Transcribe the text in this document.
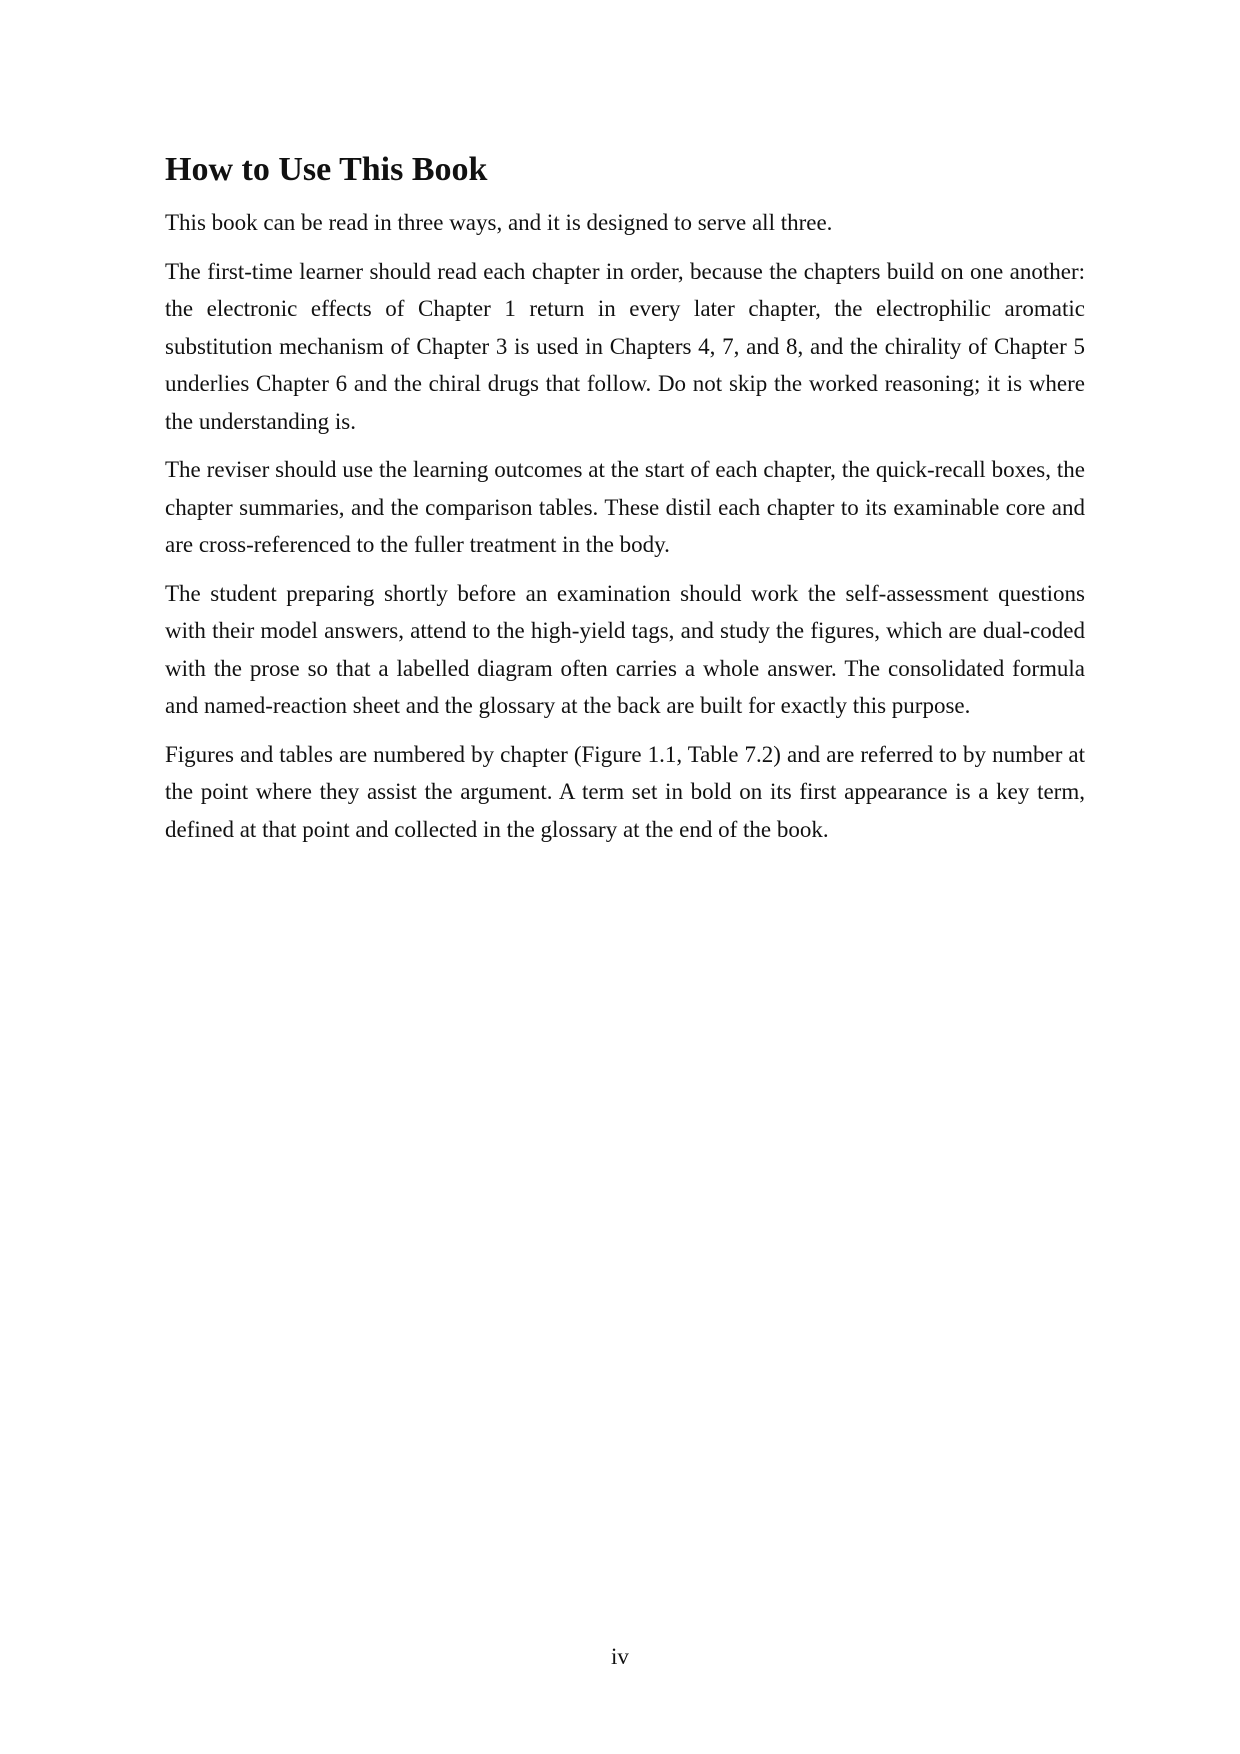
How to Use This Book

This book can be read in three ways, and it is designed to serve all three.

The first-time learner should read each chapter in order, because the chapters build on one another: the electronic effects of Chapter 1 return in every later chapter, the electrophilic aromatic substitution mechanism of Chapter 3 is used in Chapters 4, 7, and 8, and the chirality of Chapter 5 underlies Chapter 6 and the chiral drugs that follow. Do not skip the worked reasoning; it is where the understanding is.

The reviser should use the learning outcomes at the start of each chapter, the quick-recall boxes, the chapter summaries, and the comparison tables. These distil each chapter to its examinable core and are cross-referenced to the fuller treatment in the body.

The student preparing shortly before an examination should work the self-assessment questions with their model answers, attend to the high-yield tags, and study the figures, which are dual-coded with the prose so that a labelled diagram often carries a whole answer. The consolidated formula and named-reaction sheet and the glossary at the back are built for exactly this purpose.

Figures and tables are numbered by chapter (Figure 1.1, Table 7.2) and are referred to by number at the point where they assist the argument. A term set in bold on its first appearance is a key term, defined at that point and collected in the glossary at the end of the book.

iv
